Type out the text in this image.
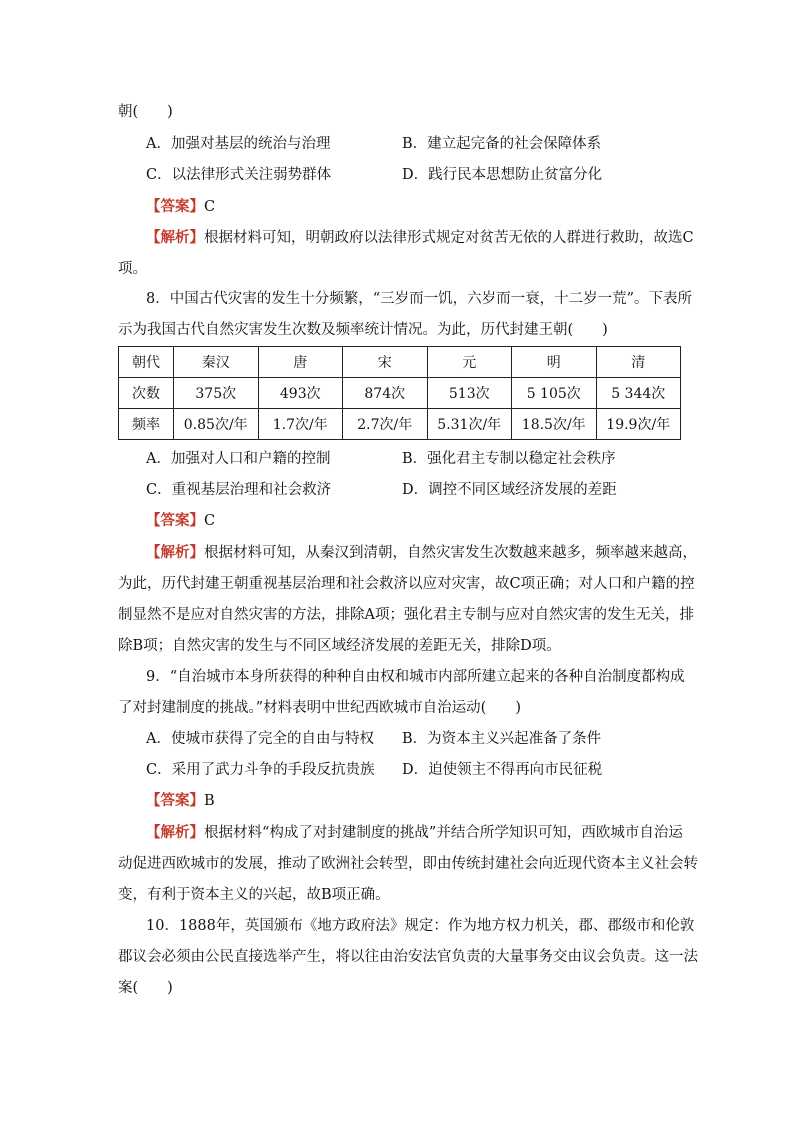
朝(　　)
A．加强对基层的统治与治理	B．建立起完备的社会保障体系
C．以法律形式关注弱势群体	D．践行民本思想防止贫富分化
【答案】C
【解析】根据材料可知，明朝政府以法律形式规定对贫苦无依的人群进行救助，故选C
项。
8．中国古代灾害的发生十分频繁，“三岁而一饥，六岁而一衰，十二岁一荒”。下表所
示为我国古代自然灾害发生次数及频率统计情况。为此，历代封建王朝(　　)
朝代	秦汉	唐	宋	元	明	清
次数	375次	493次	874次	513次	5 105次	5 344次
频率	0.85次/年	1.7次/年	2.7次/年	5.31次/年	18.5次/年	19.9次/年
A．加强对人口和户籍的控制	B．强化君主专制以稳定社会秩序
C．重视基层治理和社会救济	D．调控不同区域经济发展的差距
【答案】C
【解析】根据材料可知，从秦汉到清朝，自然灾害发生次数越来越多，频率越来越高，
为此，历代封建王朝重视基层治理和社会救济以应对灾害，故C项正确；对人口和户籍的控
制显然不是应对自然灾害的方法，排除A项；强化君主专制与应对自然灾害的发生无关，排
除B项；自然灾害的发生与不同区域经济发展的差距无关，排除D项。
9．“自治城市本身所获得的种种自由权和城市内部所建立起来的各种自治制度都构成
了对封建制度的挑战。”材料表明中世纪西欧城市自治运动(　　)
A．使城市获得了完全的自由与特权 B．为资本主义兴起准备了条件
C．采用了武力斗争的手段反抗贵族 D．迫使领主不得再向市民征税
【答案】B
【解析】根据材料“构成了对封建制度的挑战”并结合所学知识可知，西欧城市自治运
动促进西欧城市的发展，推动了欧洲社会转型，即由传统封建社会向近现代资本主义社会转
变，有利于资本主义的兴起，故B项正确。
10．1888年，英国颁布《地方政府法》规定：作为地方权力机关，郡、郡级市和伦敦
郡议会必须由公民直接选举产生，将以往由治安法官负责的大量事务交由议会负责。这一法
案(　　)
